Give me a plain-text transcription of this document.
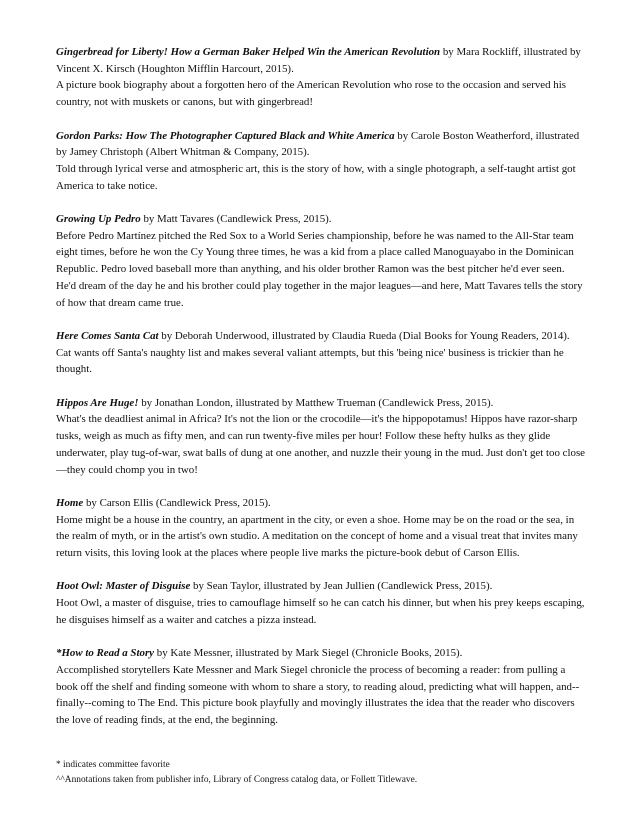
Gingerbread for Liberty! How a German Baker Helped Win the American Revolution by Mara Rockliff, illustrated by Vincent X. Kirsch (Houghton Mifflin Harcourt, 2015).
A picture book biography about a forgotten hero of the American Revolution who rose to the occasion and served his country, not with muskets or canons, but with gingerbread!

Gordon Parks: How The Photographer Captured Black and White America by Carole Boston Weatherford, illustrated by Jamey Christoph (Albert Whitman & Company, 2015).
Told through lyrical verse and atmospheric art, this is the story of how, with a single photograph, a self-taught artist got America to take notice.

Growing Up Pedro by Matt Tavares (Candlewick Press, 2015).
Before Pedro Martínez pitched the Red Sox to a World Series championship, before he was named to the All-Star team eight times, before he won the Cy Young three times, he was a kid from a place called Manoguayabo in the Dominican Republic. Pedro loved baseball more than anything, and his older brother Ramon was the best pitcher he'd ever seen. He'd dream of the day he and his brother could play together in the major leagues—and here, Matt Tavares tells the story of how that dream came true.

Here Comes Santa Cat by Deborah Underwood, illustrated by Claudia Rueda (Dial Books for Young Readers, 2014).
Cat wants off Santa's naughty list and makes several valiant attempts, but this 'being nice' business is trickier than he thought.

Hippos Are Huge! by Jonathan London, illustrated by Matthew Trueman (Candlewick Press, 2015).
What's the deadliest animal in Africa? It's not the lion or the crocodile—it's the hippopotamus! Hippos have razor-sharp tusks, weigh as much as fifty men, and can run twenty-five miles per hour! Follow these hefty hulks as they glide underwater, play tug-of-war, swat balls of dung at one another, and nuzzle their young in the mud. Just don't get too close—they could chomp you in two!

Home by Carson Ellis (Candlewick Press, 2015).
Home might be a house in the country, an apartment in the city, or even a shoe. Home may be on the road or the sea, in the realm of myth, or in the artist's own studio. A meditation on the concept of home and a visual treat that invites many return visits, this loving look at the places where people live marks the picture-book debut of Carson Ellis.

Hoot Owl: Master of Disguise by Sean Taylor, illustrated by Jean Jullien (Candlewick Press, 2015).
Hoot Owl, a master of disguise, tries to camouflage himself so he can catch his dinner, but when his prey keeps escaping, he disguises himself as a waiter and catches a pizza instead.

*How to Read a Story by Kate Messner, illustrated by Mark Siegel (Chronicle Books, 2015).
Accomplished storytellers Kate Messner and Mark Siegel chronicle the process of becoming a reader: from pulling a book off the shelf and finding someone with whom to share a story, to reading aloud, predicting what will happen, and--finally--coming to The End. This picture book playfully and movingly illustrates the idea that the reader who discovers the love of reading finds, at the end, the beginning.

* indicates committee favorite
^^Annotations taken from publisher info, Library of Congress catalog data, or Follett Titlewave.
